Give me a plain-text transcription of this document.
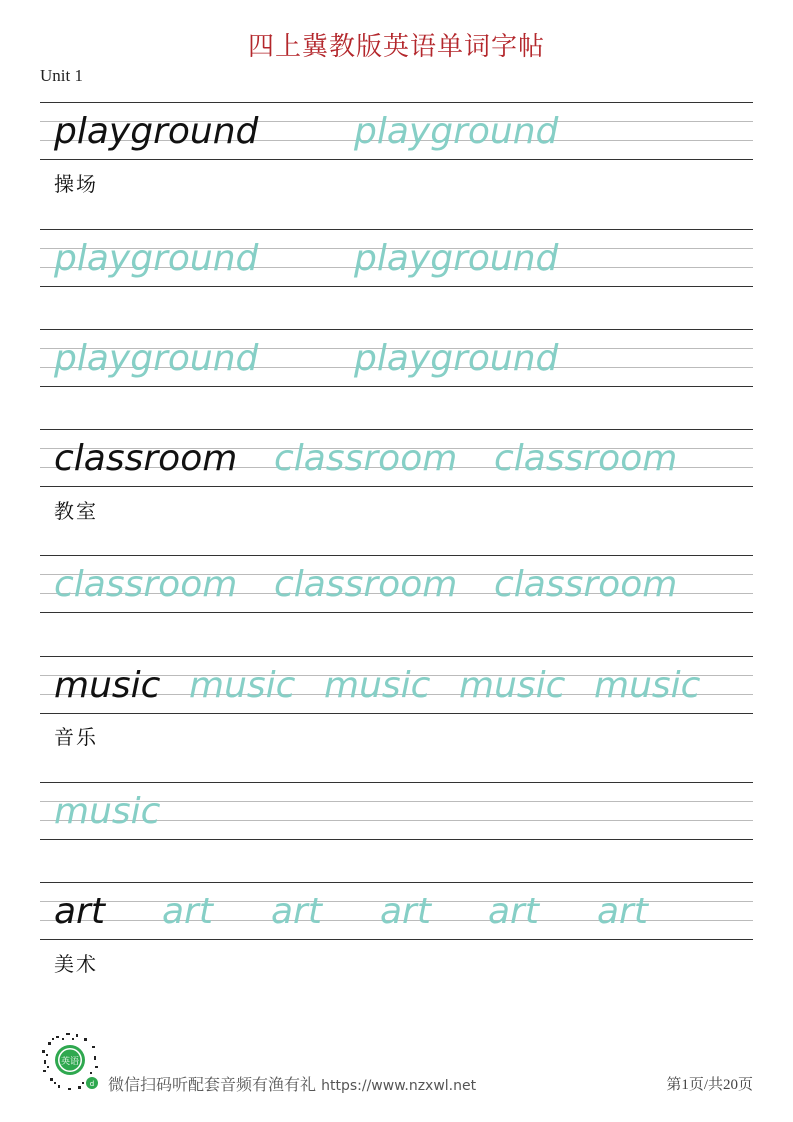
四上冀教版英语单词字帖
Unit 1
playground	playground
操场
playground	playground
playground	playground
classroom classroom classroom
教室
classroom classroom classroom
music music music music music
音乐
music
art art art art art art
美术
英语
d 微信扫码听配套音频有渔有礼 https://www.nzxwl.net	第1页/共20页
